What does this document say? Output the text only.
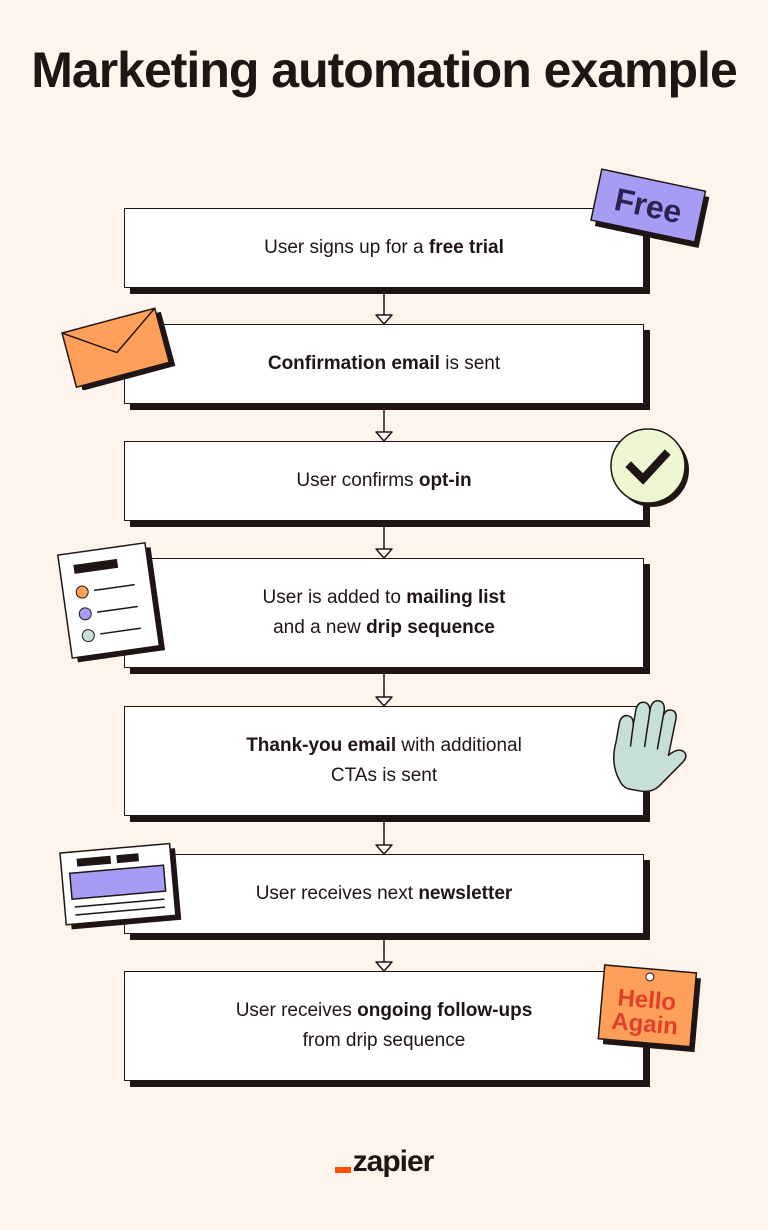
Marketing automation example
User signs up for a free trial
Confirmation email is sent
User confirms opt-in
User is added to mailing list
and a new drip sequence
Thank-you email with additional
CTAs is sent
User receives next newsletter
User receives ongoing follow-ups
from drip sequence
Free
Hello
Again
zapier
